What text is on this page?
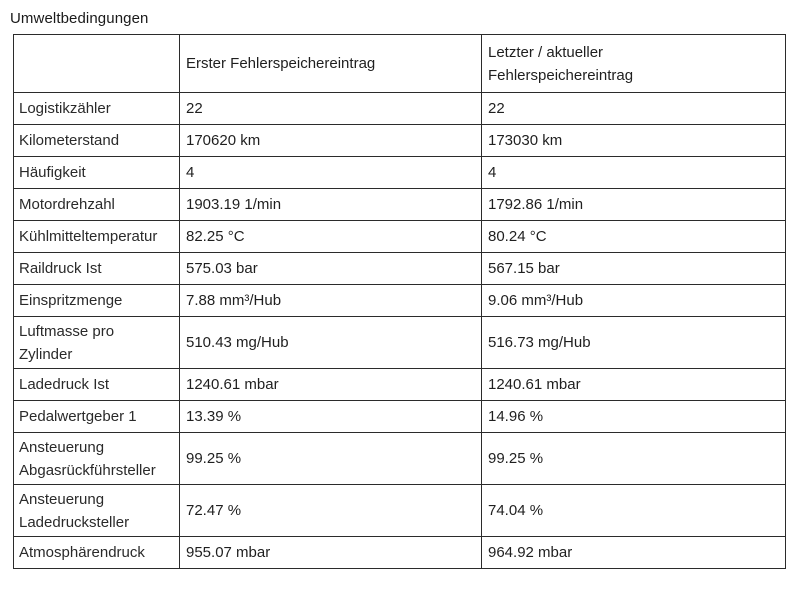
Umweltbedingungen

	Erster Fehlerspeichereintrag	Letzter / aktueller
Fehlerspeichereintrag

Logistikzähler	22	22

Kilometerstand	170620 km	173030 km

Häufigkeit	4	4

Motordrehzahl	1903.19 1/min	1792.86 1/min

Kühlmitteltemperatur	82.25 °C	80.24 °C

Raildruck Ist	575.03 bar	567.15 bar

Einspritzmenge	7.88 mm³/Hub	9.06 mm³/Hub

Luftmasse pro
Zylinder	510.43 mg/Hub	516.73 mg/Hub

Ladedruck Ist	1240.61 mbar	1240.61 mbar

Pedalwertgeber 1	13.39 %	14.96 %

Ansteuerung
Abgasrückführsteller	99.25 %	99.25 %

Ansteuerung
Ladedrucksteller	72.47 %	74.04 %

Atmosphärendruck	955.07 mbar	964.92 mbar
